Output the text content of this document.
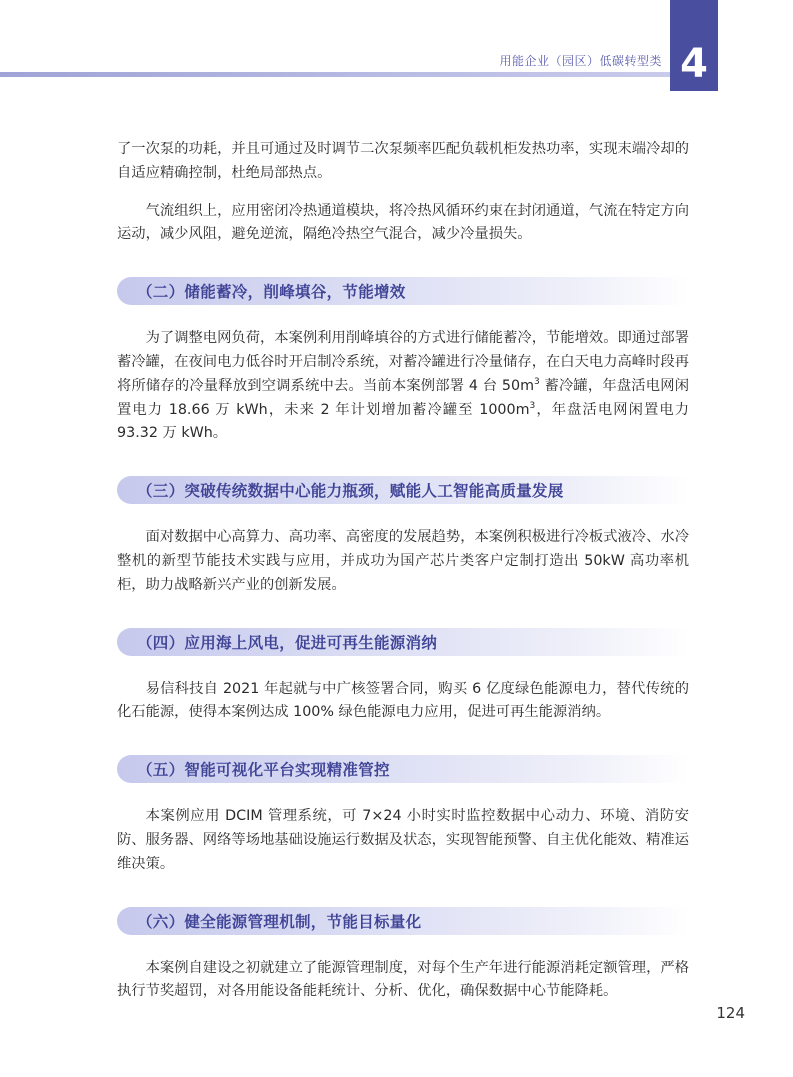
用能企业（园区）低碳转型类 4

了一次泵的功耗，并且可通过及时调节二次泵频率匹配负载机柜发热功率，实现末端冷却的自适应精确控制，杜绝局部热点。

气流组织上，应用密闭冷热通道模块，将冷热风循环约束在封闭通道，气流在特定方向运动，减少风阻，避免逆流，隔绝冷热空气混合，减少冷量损失。

（二）储能蓄冷，削峰填谷，节能增效

为了调整电网负荷，本案例利用削峰填谷的方式进行储能蓄冷，节能增效。即通过部署蓄冷罐，在夜间电力低谷时开启制冷系统，对蓄冷罐进行冷量储存，在白天电力高峰时段再将所储存的冷量释放到空调系统中去。当前本案例部署 4 台 $50m^3$ 蓄冷罐，年盘活电网闲置电力 18.66 万 kWh，未来 2 年计划增加蓄冷罐至 $1000m^3$，年盘活电网闲置电力 93.32 万 kWh。

（三）突破传统数据中心能力瓶颈，赋能人工智能高质量发展

面对数据中心高算力、高功率、高密度的发展趋势，本案例积极进行冷板式液冷、水冷整机的新型节能技术实践与应用，并成功为国产芯片类客户定制打造出 50kW 高功率机柜，助力战略新兴产业的创新发展。

（四）应用海上风电，促进可再生能源消纳

易信科技自 2021 年起就与中广核签署合同，购买 6 亿度绿色能源电力，替代传统的化石能源，使得本案例达成 100% 绿色能源电力应用，促进可再生能源消纳。

（五）智能可视化平台实现精准管控

本案例应用 DCIM 管理系统，可 7×24 小时实时监控数据中心动力、环境、消防安防、服务器、网络等场地基础设施运行数据及状态，实现智能预警、自主优化能效、精准运维决策。

（六）健全能源管理机制，节能目标量化

本案例自建设之初就建立了能源管理制度，对每个生产年进行能源消耗定额管理，严格执行节奖超罚，对各用能设备能耗统计、分析、优化，确保数据中心节能降耗。

124
